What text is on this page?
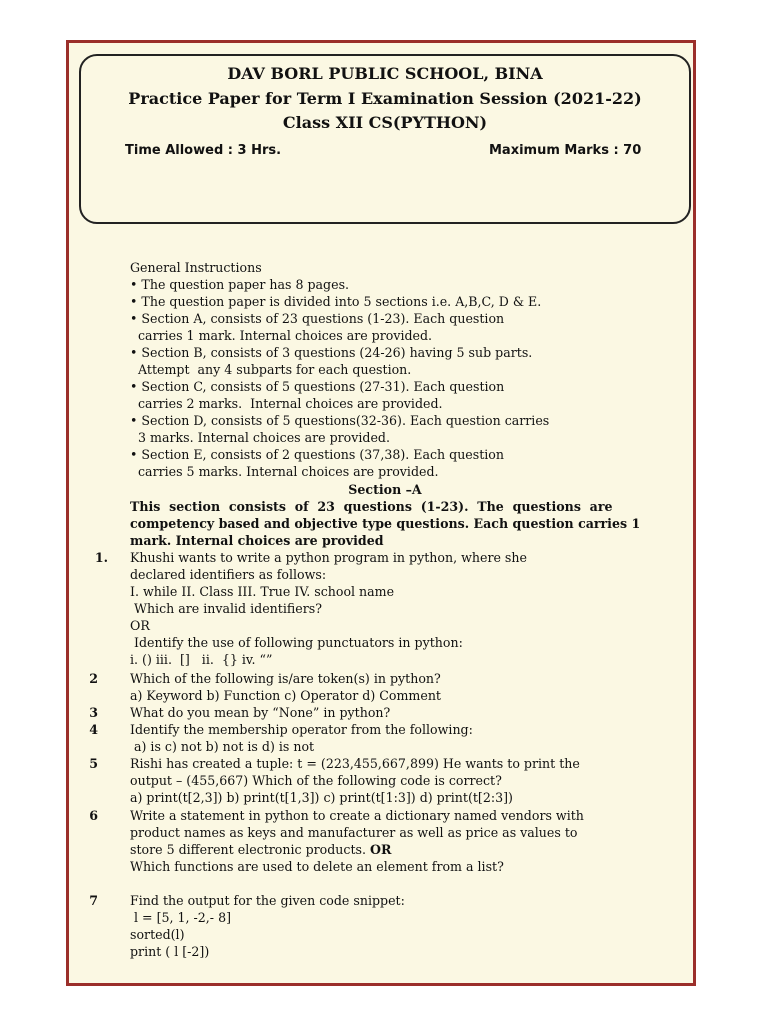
DAV BORL PUBLIC SCHOOL, BINA
Practice Paper for Term I Examination Session (2021-22)
Class XII CS(PYTHON)
Time Allowed : 3 Hrs.	Maximum Marks : 70
General Instructions
• The question paper has 8 pages.
• The question paper is divided into 5 sections i.e. A,B,C, D & E.
• Section A, consists of 23 questions (1-23). Each question
carries 1 mark. Internal choices are provided.
• Section B, consists of 3 questions (24-26) having 5 sub parts.
Attempt  any 4 subparts for each question.
• Section C, consists of 5 questions (27-31). Each question
carries 2 marks.  Internal choices are provided.
• Section D, consists of 5 questions(32-36). Each question carries
3 marks. Internal choices are provided.
• Section E, consists of 2 questions (37,38). Each question
carries 5 marks. Internal choices are provided.
Section –A
This  section  consists  of  23  questions  (1-23).  The  questions  are
competency based and objective type questions. Each question carries 1
mark. Internal choices are provided
1. Khushi wants to write a python program in python, where she
declared identifiers as follows:
I. while II. Class III. True IV. school name
Which are invalid identifiers?
OR
Identify the use of following punctuators in python:
i. () iii.  []   ii.  {} iv. “”
2	Which of the following is/are token(s) in python?
a) Keyword b) Function c) Operator d) Comment
3	What do you mean by “None” in python?
4	Identify the membership operator from the following:
a) is c) not b) not is d) is not
5	Rishi has created a tuple: t = (223,455,667,899) He wants to print the
output – (455,667) Which of the following code is correct?
a) print(t[2,3]) b) print(t[1,3]) c) print(t[1:3]) d) print(t[2:3])
6	Write a statement in python to create a dictionary named vendors with
product names as keys and manufacturer as well as price as values to
store 5 different electronic products. OR
Which functions are used to delete an element from a list?
7	Find the output for the given code snippet:
l = [5, 1, -2,- 8]
sorted(l)
print ( l [-2])
